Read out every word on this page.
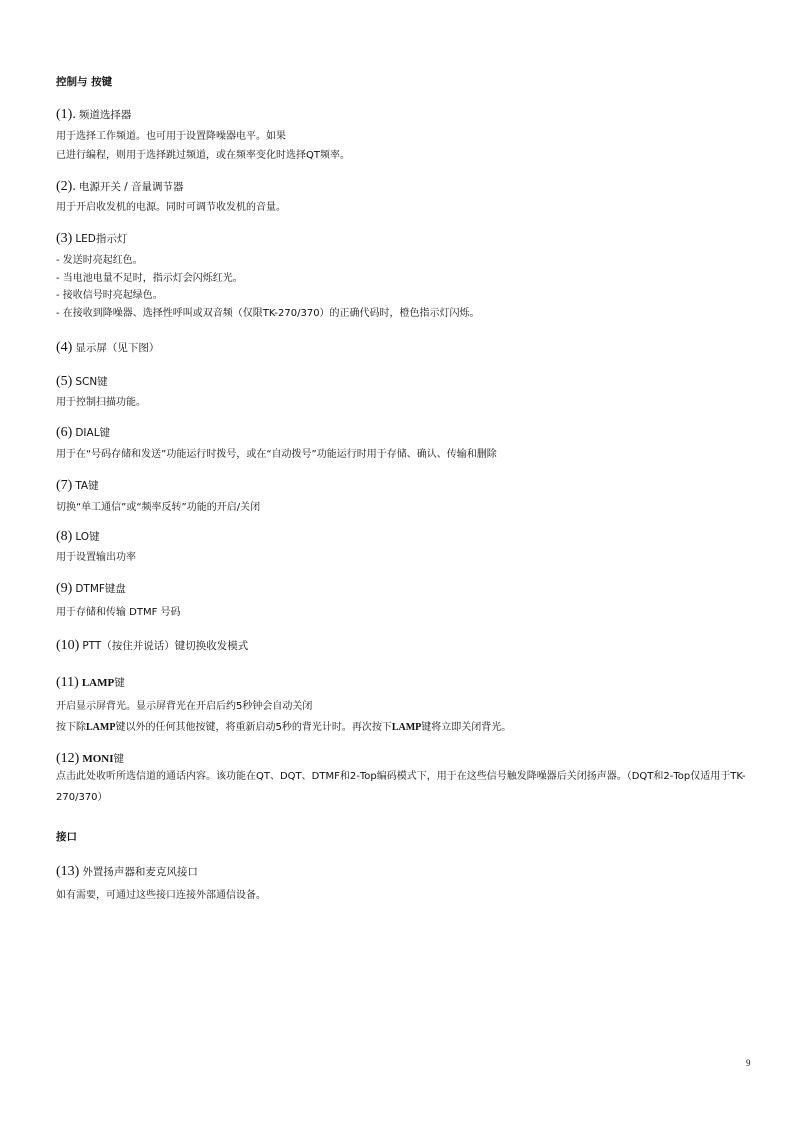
控制与 按键
(1). 频道选择器
用于选择工作频道。也可用于设置降噪器电平。如果
已进行编程，则用于选择跳过频道，或在频率变化时选择QT频率。
(2). 电源开关 / 音量调节器
用于开启收发机的电源。同时可调节收发机的音量。
(3) LED指示灯
- 发送时亮起红色。
- 当电池电量不足时，指示灯会闪烁红光。
- 接收信号时亮起绿色。
- 在接收到降噪器、选择性呼叫或双音频（仅限TK-270/370）的正确代码时，橙色指示灯闪烁。
(4) 显示屏（见下图）
(5) SCN键
用于控制扫描功能。
(6) DIAL键
用于在“号码存储和发送”功能运行时拨号，或在“自动拨号”功能运行时用于存储、确认、传输和删除
(7) TA键
切换“单工通信”或“频率反转”功能的开启/关闭
(8) LO键
用于设置输出功率
(9) DTMF键盘
用于存储和传输 DTMF 号码
(10) PTT（按住并说话）键切换收发模式
(11) LAMP键
开启显示屏背光。显示屏背光在开启后约5秒钟会自动关闭
按下除LAMP键以外的任何其他按键，将重新启动5秒的背光计时。再次按下LAMP键将立即关闭背光。
(12) MONI键
点击此处收听所选信道的通话内容。该功能在QT、DQT、DTMF和2-Top编码模式下，用于在这些信号触发降噪器后关闭扬声器。（DQT和2-Top仅适用于TK-270/370）
接口
(13) 外置扬声器和麦克风接口
如有需要，可通过这些接口连接外部通信设备。
9
